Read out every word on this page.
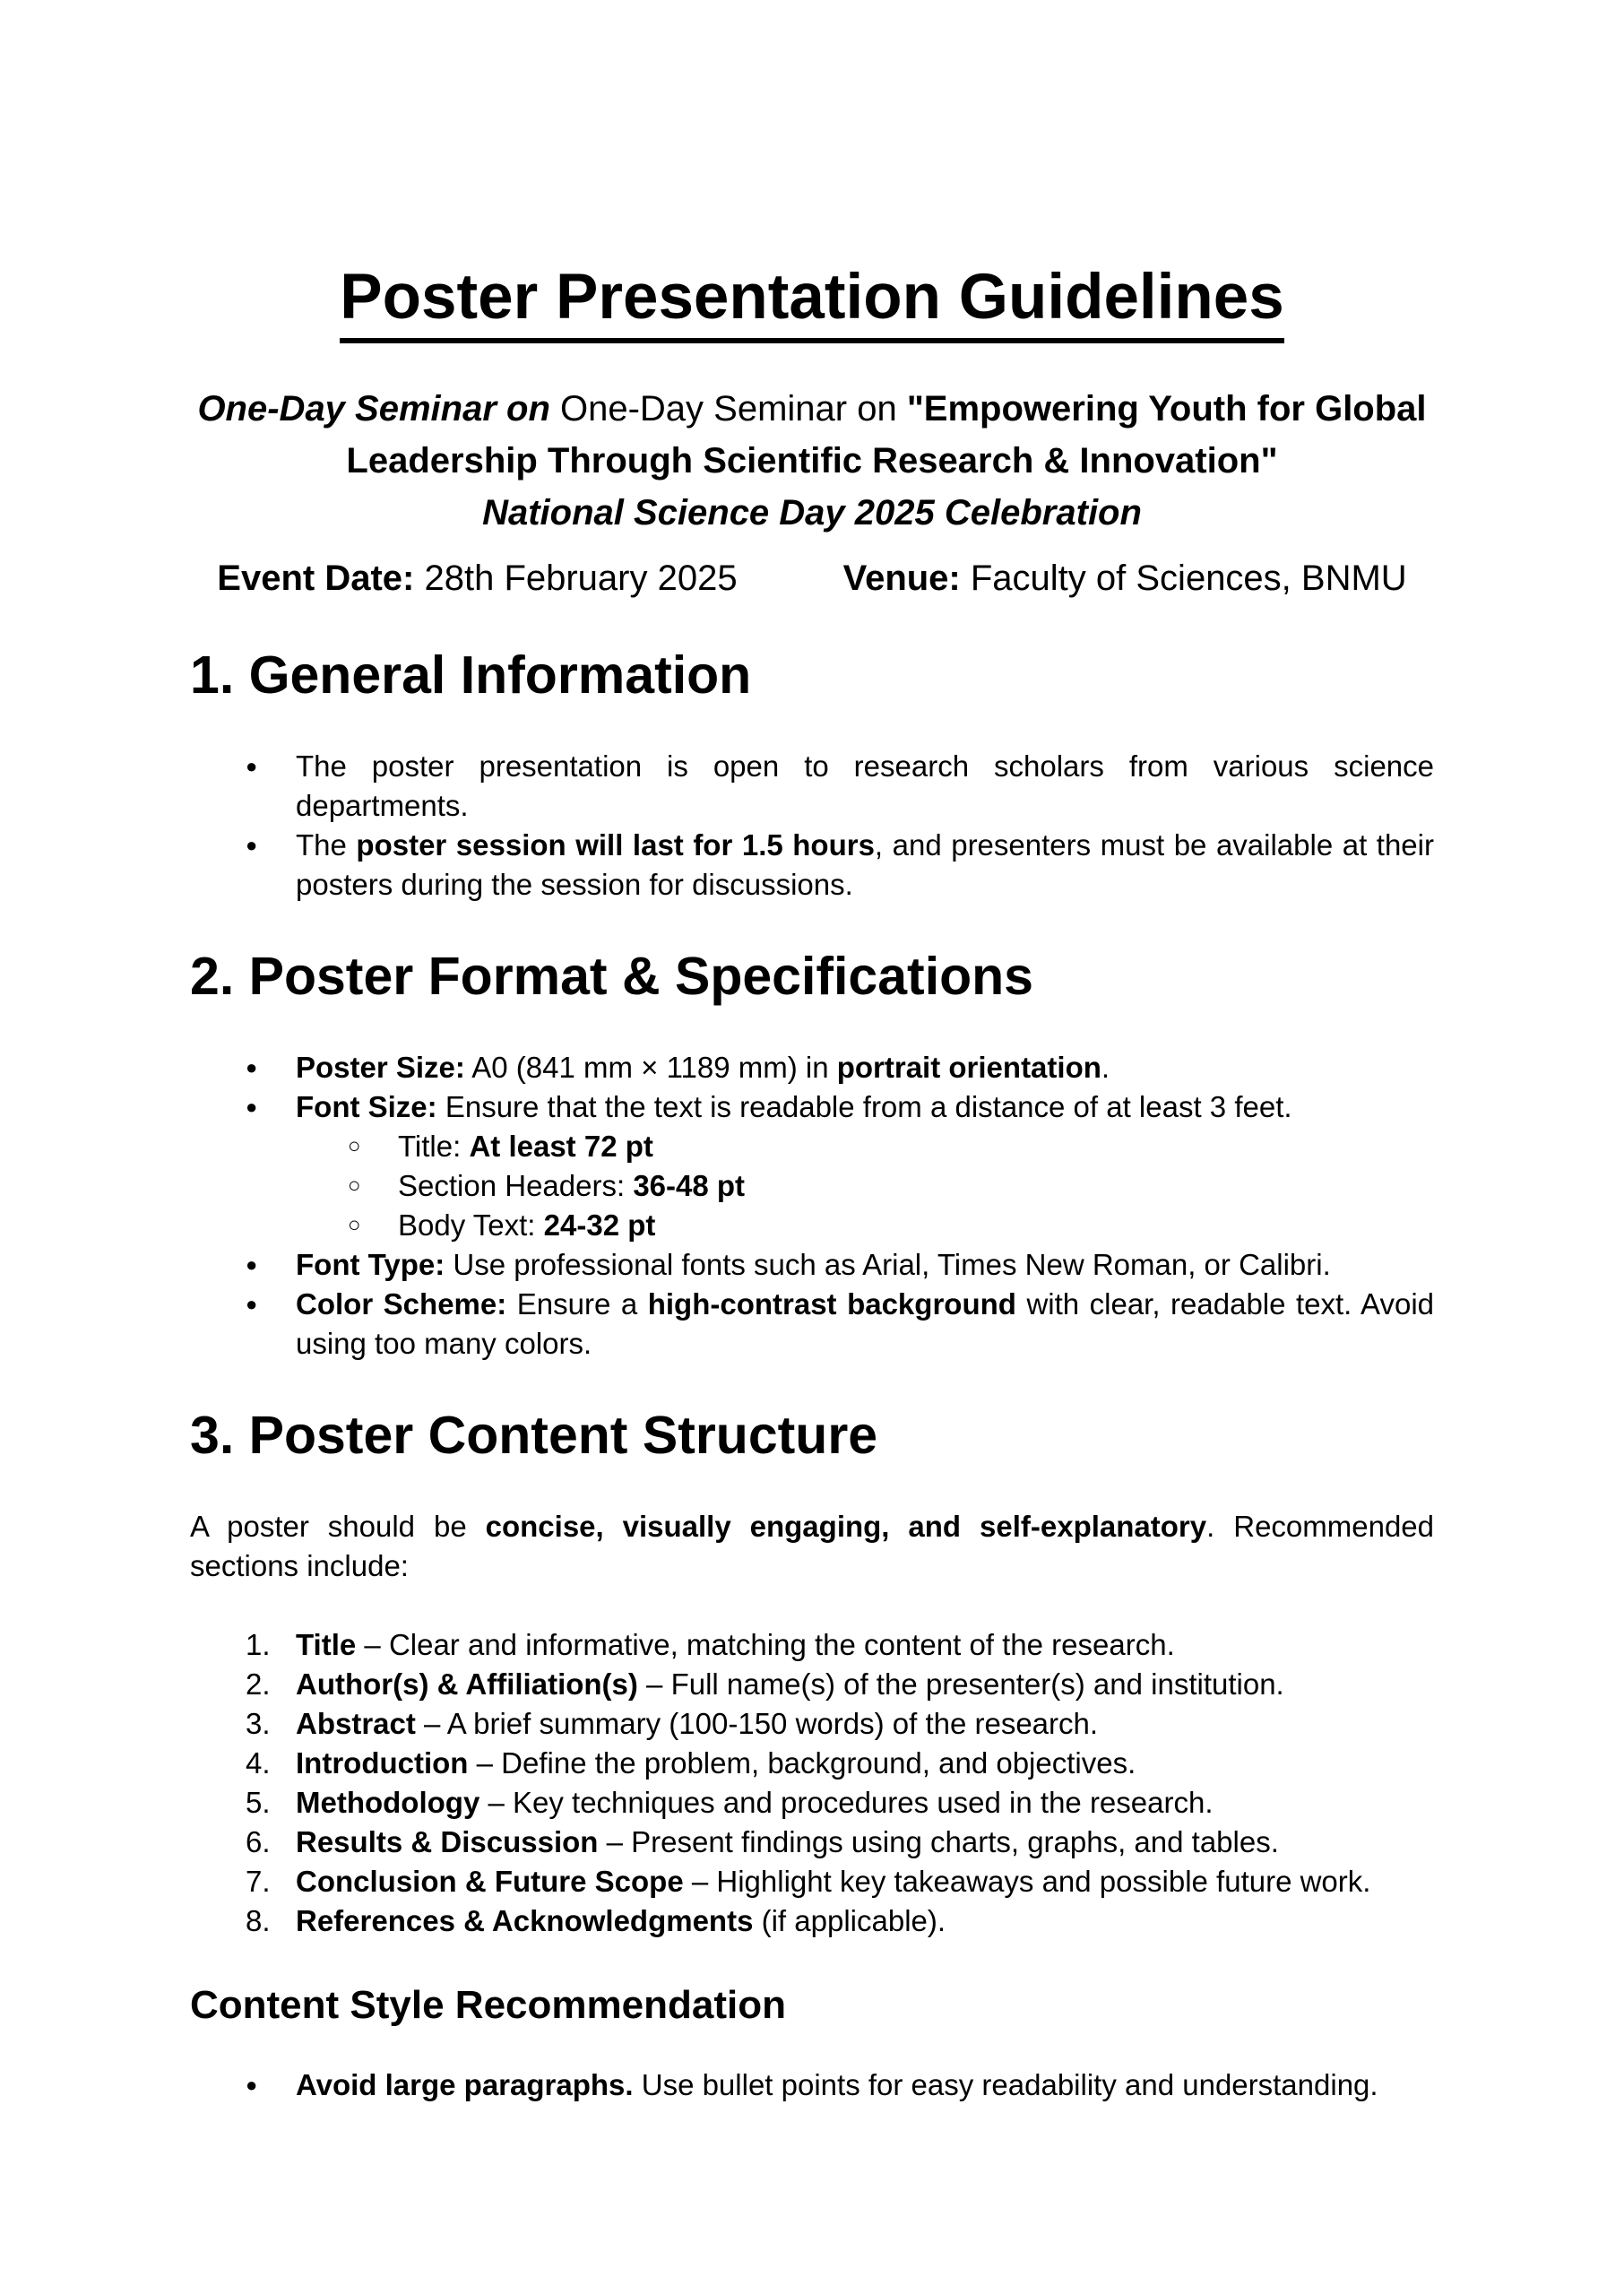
Poster Presentation Guidelines
One-Day Seminar on One-Day Seminar on "Empowering Youth for Global
Leadership Through Scientific Research & Innovation"
National Science Day 2025 Celebration
Event Date: 28th February 2025	Venue: Faculty of Sciences, BNMU
1. General Information
● The poster presentation is open to research scholars from various science departments.
● The poster session will last for 1.5 hours, and presenters must be available at their posters during the session for discussions.
2. Poster Format & Specifications
● Poster Size: A0 (841 mm × 1189 mm) in portrait orientation.
● Font Size: Ensure that the text is readable from a distance of at least 3 feet.
○ Title: At least 72 pt
○ Section Headers: 36-48 pt
○ Body Text: 24-32 pt
● Font Type: Use professional fonts such as Arial, Times New Roman, or Calibri.
● Color Scheme: Ensure a high-contrast background with clear, readable text. Avoid using too many colors.
3. Poster Content Structure

A poster should be concise, visually engaging, and self-explanatory. Recommended sections include:

1. Title – Clear and informative, matching the content of the research.
2. Author(s) & Affiliation(s) – Full name(s) of the presenter(s) and institution.
3. Abstract – A brief summary (100-150 words) of the research.
4. Introduction – Define the problem, background, and objectives.
5. Methodology – Key techniques and procedures used in the research.
6. Results & Discussion – Present findings using charts, graphs, and tables.
7. Conclusion & Future Scope – Highlight key takeaways and possible future work.
8. References & Acknowledgments (if applicable).
Content Style Recommendation
● Avoid large paragraphs. Use bullet points for easy readability and understanding.
